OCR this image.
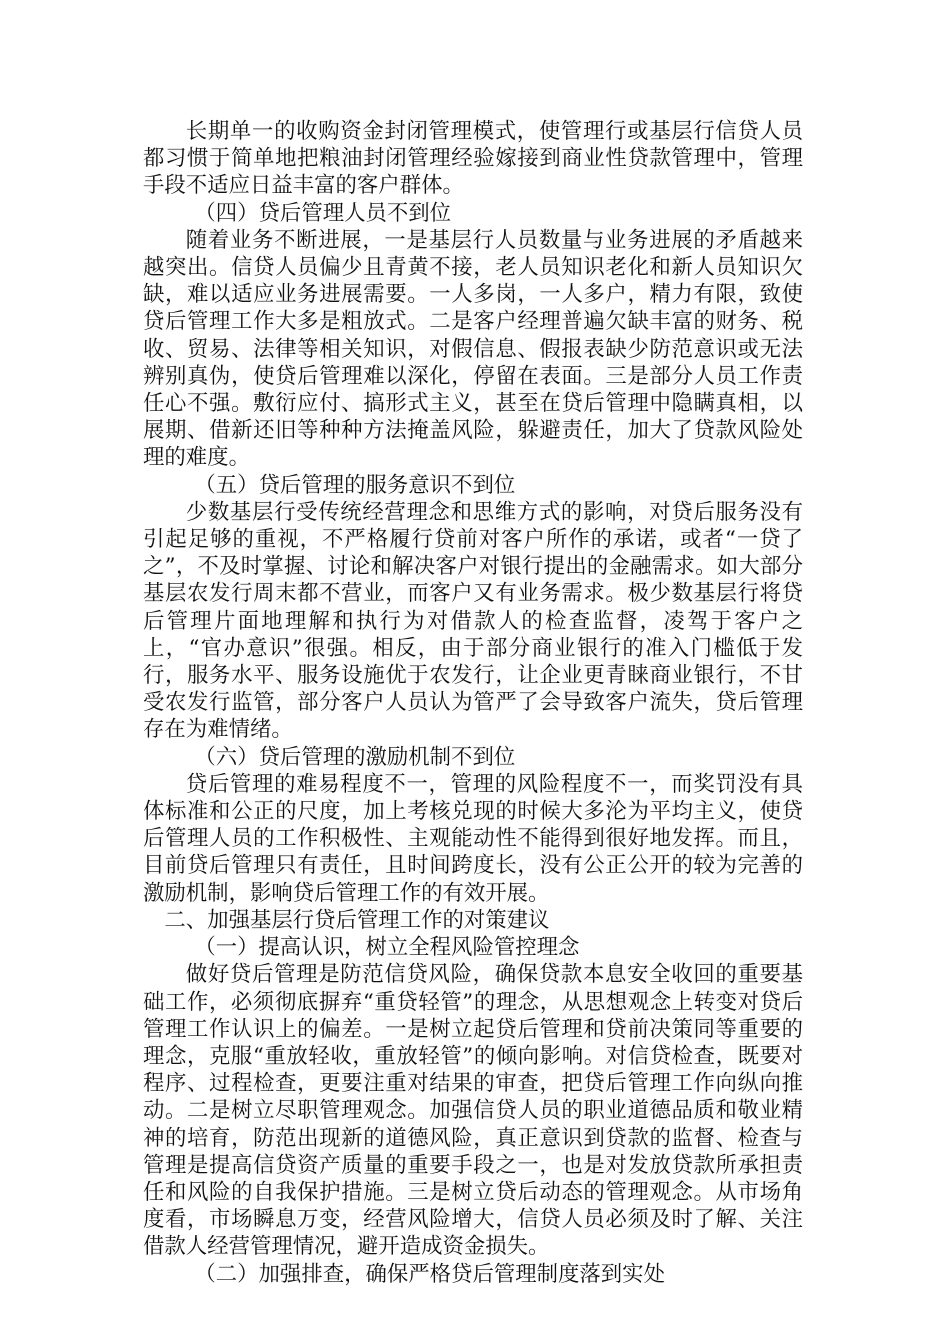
长期单一的收购资金封闭管理模式，使管理行或基层行信贷人员都习惯于简单地把粮油封闭管理经验嫁接到商业性贷款管理中，管理手段不适应日益丰富的客户群体。

（四）贷后管理人员不到位

随着业务不断进展，一是基层行人员数量与业务进展的矛盾越来越突出。信贷人员偏少且青黄不接，老人员知识老化和新人员知识欠缺，难以适应业务进展需要。一人多岗，一人多户，精力有限，致使贷后管理工作大多是粗放式。二是客户经理普遍欠缺丰富的财务、税收、贸易、法律等相关知识，对假信息、假报表缺少防范意识或无法辨别真伪，使贷后管理难以深化，停留在表面。三是部分人员工作责任心不强。敷衍应付、搞形式主义，甚至在贷后管理中隐瞒真相，以展期、借新还旧等种种方法掩盖风险，躲避责任，加大了贷款风险处理的难度。

（五）贷后管理的服务意识不到位

少数基层行受传统经营理念和思维方式的影响，对贷后服务没有引起足够的重视，不严格履行贷前对客户所作的承诺，或者“一贷了之”，不及时掌握、讨论和解决客户对银行提出的金融需求。如大部分基层农发行周末都不营业，而客户又有业务需求。极少数基层行将贷后管理片面地理解和执行为对借款人的检查监督，凌驾于客户之上，“官办意识”很强。相反，由于部分商业银行的准入门槛低于发行，服务水平、服务设施优于农发行，让企业更青睐商业银行，不甘受农发行监管，部分客户人员认为管严了会导致客户流失，贷后管理存在为难情绪。

（六）贷后管理的激励机制不到位

贷后管理的难易程度不一，管理的风险程度不一，而奖罚没有具体标准和公正的尺度，加上考核兑现的时候大多沦为平均主义，使贷后管理人员的工作积极性、主观能动性不能得到很好地发挥。而且，目前贷后管理只有责任，且时间跨度长，没有公正公开的较为完善的激励机制，影响贷后管理工作的有效开展。

二、加强基层行贷后管理工作的对策建议

（一）提高认识，树立全程风险管控理念

做好贷后管理是防范信贷风险，确保贷款本息安全收回的重要基础工作，必须彻底摒弃“重贷轻管”的理念，从思想观念上转变对贷后管理工作认识上的偏差。一是树立起贷后管理和贷前决策同等重要的理念，克服“重放轻收，重放轻管”的倾向影响。对信贷检查，既要对程序、过程检查，更要注重对结果的审查，把贷后管理工作向纵向推动。二是树立尽职管理观念。加强信贷人员的职业道德品质和敬业精神的培育，防范出现新的道德风险，真正意识到贷款的监督、检查与管理是提高信贷资产质量的重要手段之一，也是对发放贷款所承担责任和风险的自我保护措施。三是树立贷后动态的管理观念。从市场角度看，市场瞬息万变，经营风险增大，信贷人员必须及时了解、关注借款人经营管理情况，避开造成资金损失。

（二）加强排查，确保严格贷后管理制度落到实处
